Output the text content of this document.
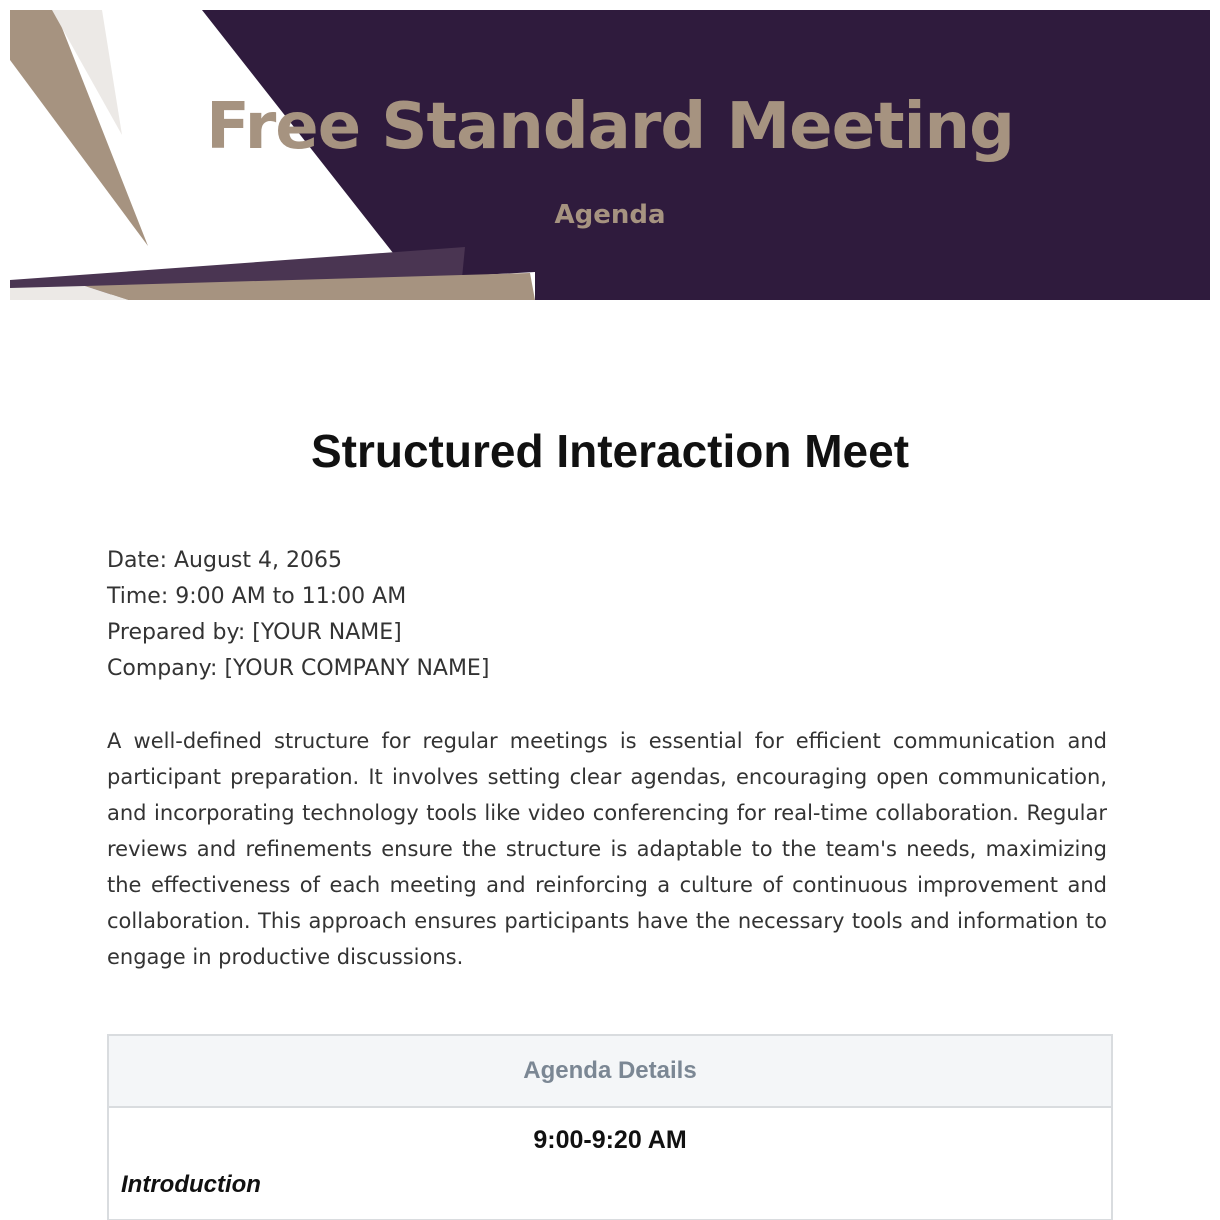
Free Standard Meeting
Agenda
Structured Interaction Meet
Date: August 4, 2065
Time: 9:00 AM to 11:00 AM
Prepared by: [YOUR NAME]
Company: [YOUR COMPANY NAME]

A well-defined structure for regular meetings is essential for efficient communication and participant preparation. It involves setting clear agendas, encouraging open communication, and incorporating technology tools like video conferencing for real-time collaboration. Regular reviews and refinements ensure the structure is adaptable to the team's needs, maximizing the effectiveness of each meeting and reinforcing a culture of continuous improvement and collaboration. This approach ensures participants have the necessary tools and information to engage in productive discussions.

Agenda Details

9:00-9:20 AM
Introduction
